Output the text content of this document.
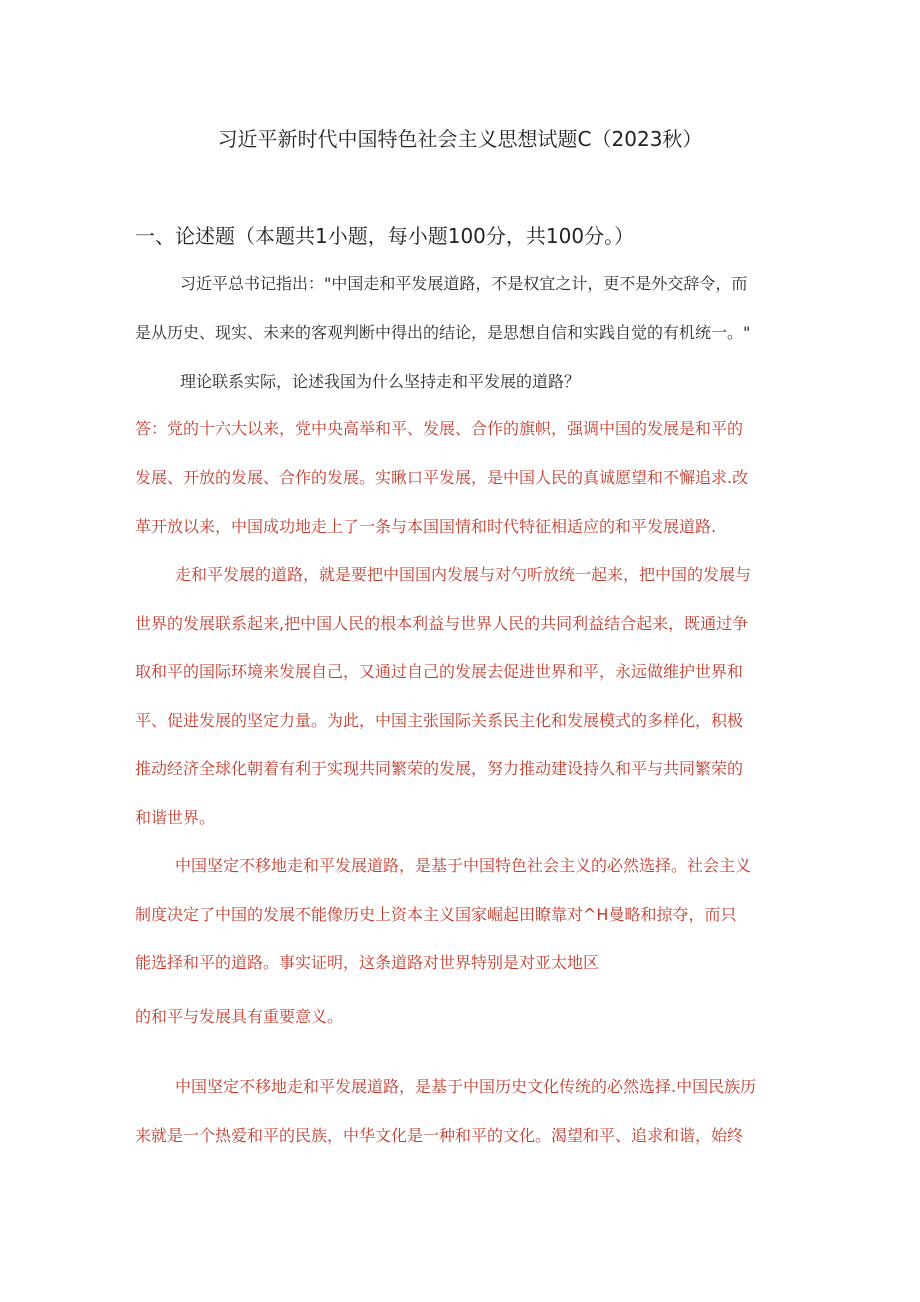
习近平新时代中国特色社会主义思想试题C（2023秋）
一、论述题（本题共1小题，每小题100分，共100分。）
习近平总书记指出："中国走和平发展道路，不是权宜之计，更不是外交辞令，而
是从历史、现实、未来的客观判断中得出的结论，是思想自信和实践自觉的有机统一。"
理论联系实际，论述我国为什么坚持走和平发展的道路？
答：党的十六大以来，党中央高举和平、发展、合作的旗帜，强调中国的发展是和平的
发展、开放的发展、合作的发展。实瞅口平发展，是中国人民的真诚愿望和不懈追求.改
革开放以来，中国成功地走上了一条与本国国情和时代特征相适应的和平发展道路.
走和平发展的道路，就是要把中国国内发展与对勺听放统一起来，把中国的发展与
世界的发展联系起来,把中国人民的根本利益与世界人民的共同利益结合起来，既通过争
取和平的国际环境来发展自己，又通过自己的发展去促进世界和平，永远做维护世界和
平、促进发展的坚定力量。为此，中国主张国际关系民主化和发展模式的多样化，积极
推动经济全球化朝着有利于实现共同繁荣的发展，努力推动建设持久和平与共同繁荣的
和谐世界。
中国坚定不移地走和平发展道路，是基于中国特色社会主义的必然选择。社会主义
制度决定了中国的发展不能像历史上资本主义国家崛起田瞭靠对^H曼略和掠夺，而只
能选择和平的道路。事实证明，这条道路对世界特别是对亚太地区
的和平与发展具有重要意义。
中国坚定不移地走和平发展道路，是基于中国历史文化传统的必然选择.中国民族历
来就是一个热爱和平的民族，中华文化是一种和平的文化。渴望和平、追求和谐，始终
